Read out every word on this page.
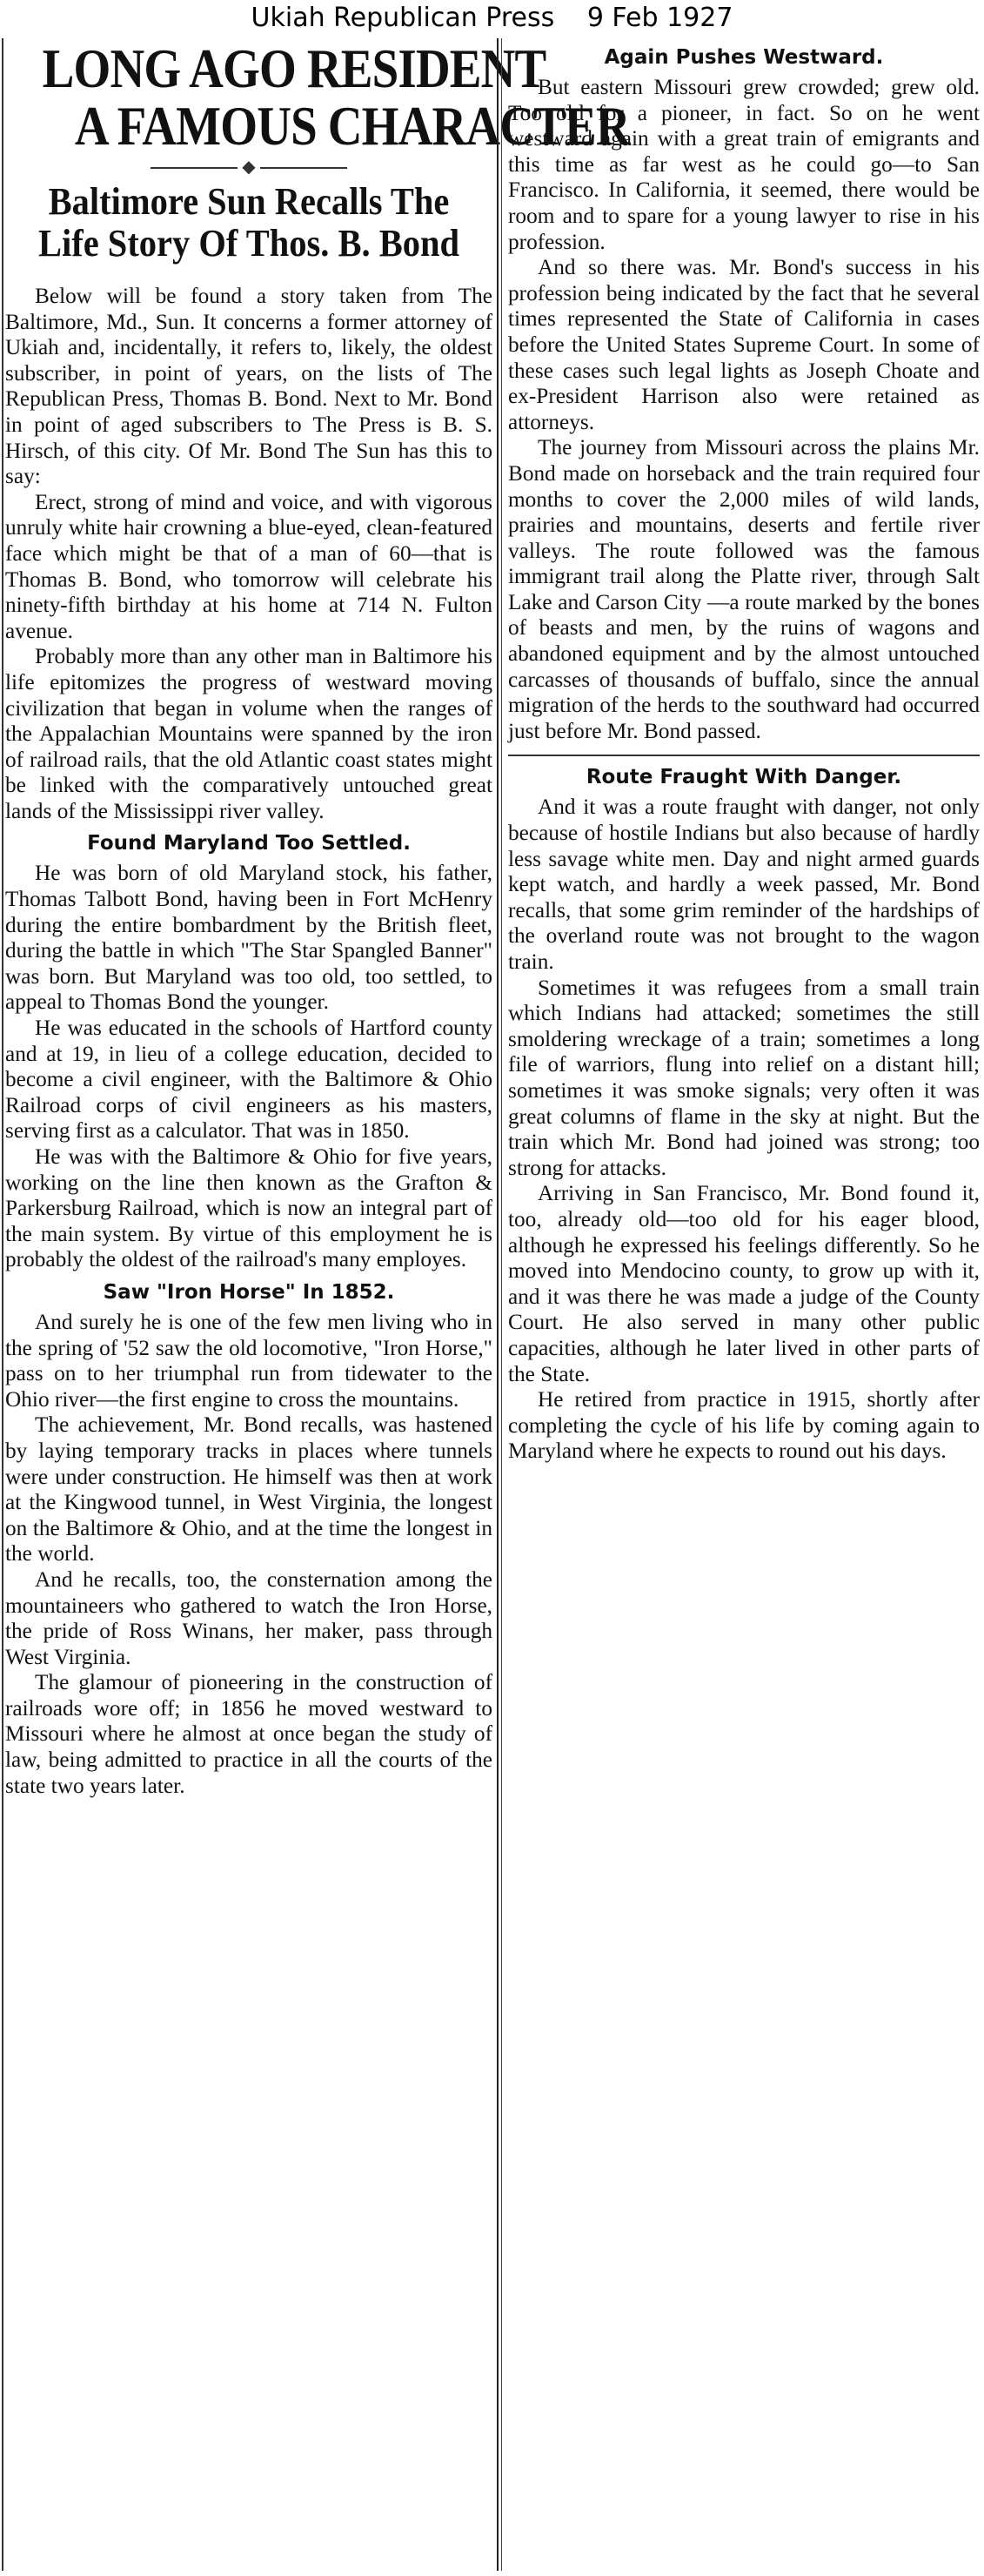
Ukiah Republican Press 9 Feb 1927
LONG AGO RESIDENT
A FAMOUS CHARACTER
◆
Baltimore Sun Recalls The Life Story Of Thos. B. Bond

Below will be found a story taken from The Baltimore, Md., Sun. It concerns a former attorney of Ukiah and, incidentally, it refers to, likely, the oldest subscriber, in point of years, on the lists of The Republican Press, Thomas B. Bond. Next to Mr. Bond in point of aged subscribers to The Press is B. S. Hirsch, of this city. Of Mr. Bond The Sun has this to say:

Erect, strong of mind and voice, and with vigorous unruly white hair crowning a blue-eyed, clean-featured face which might be that of a man of 60—that is Thomas B. Bond, who tomorrow will celebrate his ninety-fifth birthday at his home at 714 N. Fulton avenue.

Probably more than any other man in Baltimore his life epitomizes the progress of westward moving civilization that began in volume when the ranges of the Appalachian Mountains were spanned by the iron of railroad rails, that the old Atlantic coast states might be linked with the comparatively untouched great lands of the Mississippi river valley.

Found Maryland Too Settled.

He was born of old Maryland stock, his father, Thomas Talbott Bond, having been in Fort McHenry during the entire bombardment by the British fleet, during the battle in which "The Star Spangled Banner" was born. But Maryland was too old, too settled, to appeal to Thomas Bond the younger.

He was educated in the schools of Hartford county and at 19, in lieu of a college education, decided to become a civil engineer, with the Baltimore & Ohio Railroad corps of civil engineers as his masters, serving first as a calculator. That was in 1850.

He was with the Baltimore & Ohio for five years, working on the line then known as the Grafton & Parkersburg Railroad, which is now an integral part of the main system. By virtue of this employment he is probably the oldest of the railroad's many employes.

Saw "Iron Horse" In 1852.

And surely he is one of the few men living who in the spring of '52 saw the old locomotive, "Iron Horse," pass on to her triumphal run from tidewater to the Ohio river—the first engine to cross the mountains.

The achievement, Mr. Bond recalls, was hastened by laying temporary tracks in places where tunnels were under construction. He himself was then at work at the Kingwood tunnel, in West Virginia, the longest on the Baltimore & Ohio, and at the time the longest in the world.

And he recalls, too, the consternation among the mountaineers who gathered to watch the Iron Horse, the pride of Ross Winans, her maker, pass through West Virginia.

The glamour of pioneering in the construction of railroads wore off; in 1856 he moved westward to Missouri where he almost at once began the study of law, being admitted to practice in all the courts of the state two years later.

Again Pushes Westward.

But eastern Missouri grew crowded; grew old. Too old for a pioneer, in fact. So on he went westward again with a great train of emigrants and this time as far west as he could go—to San Francisco. In California, it seemed, there would be room and to spare for a young lawyer to rise in his profession.

And so there was. Mr. Bond's success in his profession being indicated by the fact that he several times represented the State of California in cases before the United States Supreme Court. In some of these cases such legal lights as Joseph Choate and ex-President Harrison also were retained as attorneys.

The journey from Missouri across the plains Mr. Bond made on horseback and the train required four months to cover the 2,000 miles of wild lands, prairies and mountains, deserts and fertile river valleys. The route followed was the famous immigrant trail along the Platte river, through Salt Lake and Carson City —a route marked by the bones of beasts and men, by the ruins of wagons and abandoned equipment and by the almost untouched carcasses of thousands of buffalo, since the annual migration of the herds to the southward had occurred just before Mr. Bond passed.

Route Fraught With Danger.

And it was a route fraught with danger, not only because of hostile Indians but also because of hardly less savage white men. Day and night armed guards kept watch, and hardly a week passed, Mr. Bond recalls, that some grim reminder of the hardships of the overland route was not brought to the wagon train.

Sometimes it was refugees from a small train which Indians had attacked; sometimes the still smoldering wreckage of a train; sometimes a long file of warriors, flung into relief on a distant hill; sometimes it was smoke signals; very often it was great columns of flame in the sky at night. But the train which Mr. Bond had joined was strong; too strong for attacks.

Arriving in San Francisco, Mr. Bond found it, too, already old—too old for his eager blood, although he expressed his feelings differently. So he moved into Mendocino county, to grow up with it, and it was there he was made a judge of the County Court. He also served in many other public capacities, although he later lived in other parts of the State.

He retired from practice in 1915, shortly after completing the cycle of his life by coming again to Maryland where he expects to round out his days.
